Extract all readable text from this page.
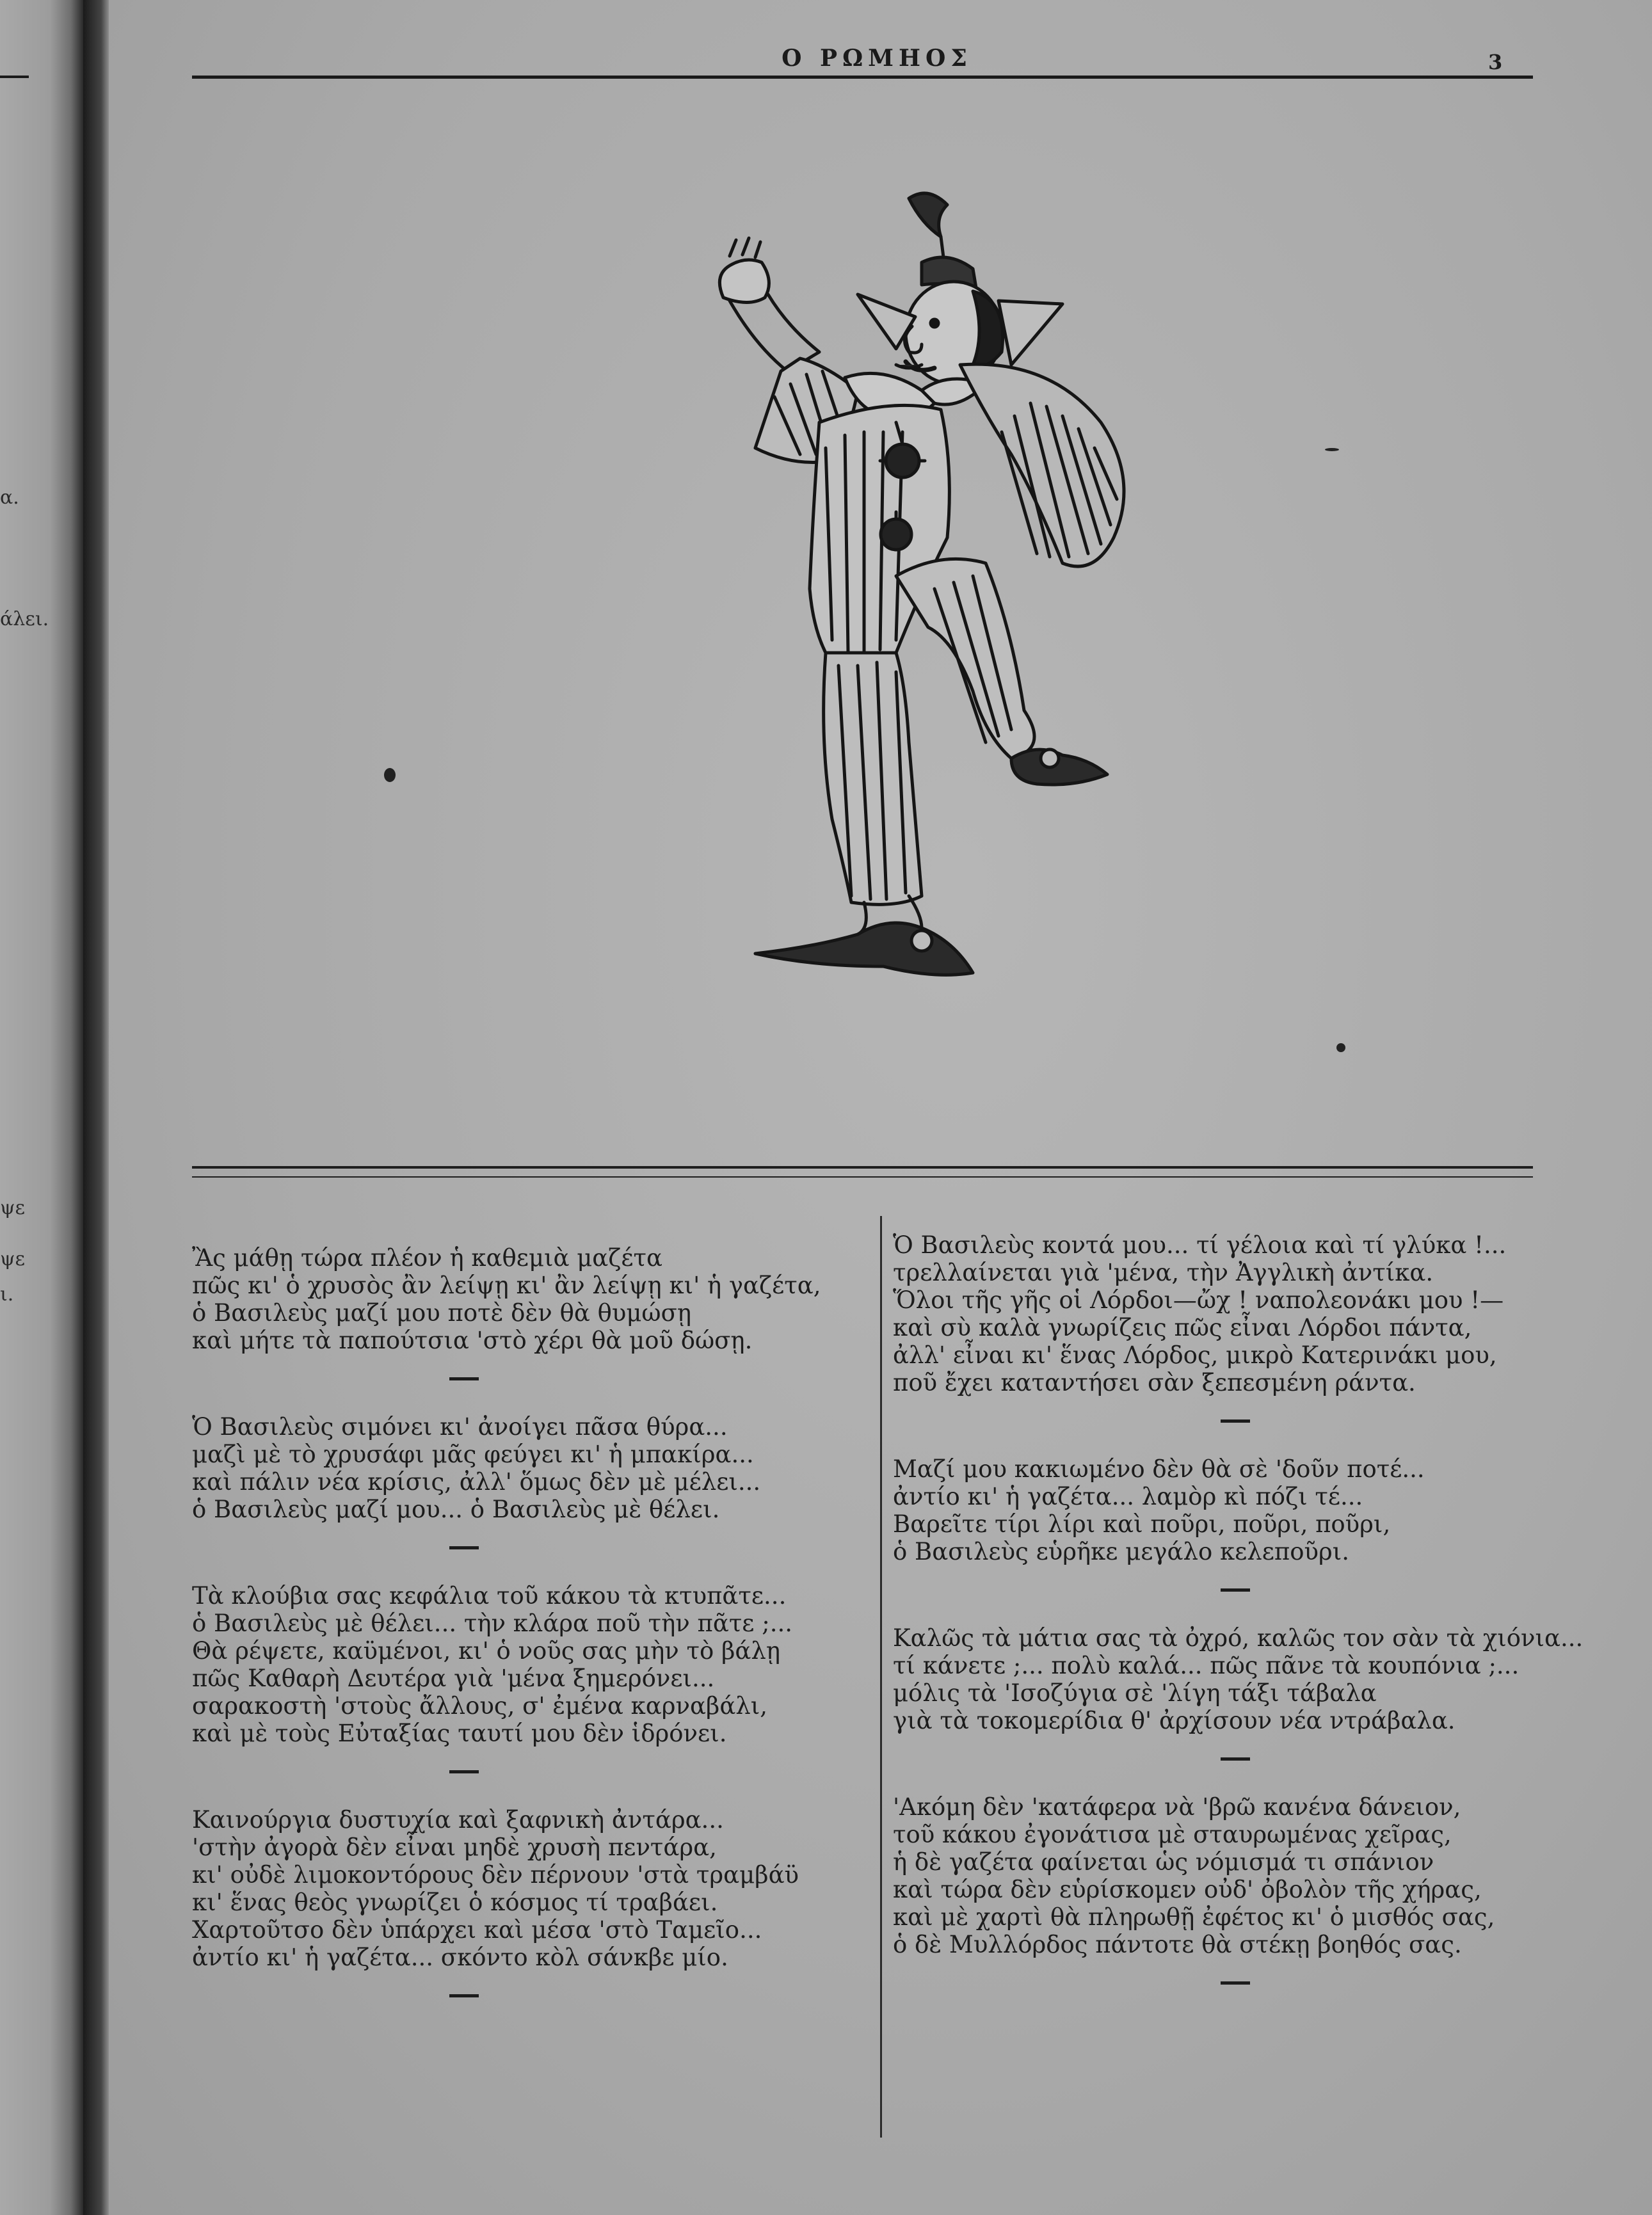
α.
άλει.
ψε
ψε
ι.
Ο ΡΩΜΗΟΣ	3
Ἂς μάθῃ τώρα πλέον ἡ καθεμιὰ μαζέτα
πῶς κι' ὁ χρυσὸς ἂν λείψῃ κι' ἂν λείψῃ κι' ἡ γαζέτα,
ὁ Βασιλεὺς μαζί μου ποτὲ δὲν θὰ θυμώσῃ
καὶ μήτε τὰ παπούτσια 'στὸ χέρι θὰ μοῦ δώσῃ.
Ὁ Βασιλεὺς σιμόνει κι' ἀνοίγει πᾶσα θύρα...
μαζὶ μὲ τὸ χρυσάφι μᾶς φεύγει κι' ἡ μπακίρα...
καὶ πάλιν νέα κρίσις, ἀλλ' ὅμως δὲν μὲ μέλει...
ὁ Βασιλεὺς μαζί μου... ὁ Βασιλεὺς μὲ θέλει.
Τὰ κλούβια σας κεφάλια τοῦ κάκου τὰ κτυπᾶτε...
ὁ Βασιλεὺς μὲ θέλει... τὴν κλάρα ποῦ τὴν πᾶτε ;...
Θὰ ρέψετε, καϋμένοι, κι' ὁ νοῦς σας μὴν τὸ βάλῃ
πῶς Καθαρὴ Δευτέρα γιὰ 'μένα ξημερόνει...
σαρακοστὴ 'στοὺς ἄλλους, σ' ἐμένα καρναβάλι,
καὶ μὲ τοὺς Εὐταξίας ταυτί μου δὲν ἱδρόνει.
Καινούργια δυστυχία καὶ ξαφνικὴ ἀντάρα...
'στὴν ἀγορὰ δὲν εἶναι μηδὲ χρυσὴ πεντάρα,
κι' οὐδὲ λιμοκοντόρους δὲν πέρνουν 'στὰ τραμβάϋ
κι' ἕνας θεὸς γνωρίζει ὁ κόσμος τί τραβάει.
Χαρτοῦτσο δὲν ὑπάρχει καὶ μέσα 'στὸ Ταμεῖο...
ἀντίο κι' ἡ γαζέτα... σκόντο κὸλ σάνκβε μίο.
Ὁ Βασιλεὺς κοντά μου... τί γέλοια καὶ τί γλύκα !...
τρελλαίνεται γιὰ 'μένα, τὴν Ἀγγλικὴ ἀντίκα.
Ὅλοι τῆς γῆς οἱ Λόρδοι—ὤχ ! ναπολεονάκι μου !—
καὶ σὺ καλὰ γνωρίζεις πῶς εἶναι Λόρδοι πάντα,
ἀλλ' εἶναι κι' ἕνας Λόρδος, μικρὸ Κατερινάκι μου,
ποῦ ἔχει καταντήσει σὰν ξεπεσμένη ράντα.
Μαζί μου κακιωμένο δὲν θὰ σὲ 'δοῦν ποτέ...
ἀντίο κι' ἡ γαζέτα... λαμὸρ κὶ πόζι τέ...
Βαρεῖτε τίρι λίρι καὶ ποῦρι, ποῦρι, ποῦρι,
ὁ Βασιλεὺς εὑρῆκε μεγάλο κελεποῦρι.
Καλῶς τὰ μάτια σας τὰ ὀχρό, καλῶς τον σὰν τὰ χιόνια...
τί κάνετε ;... πολὺ καλά... πῶς πᾶνε τὰ κουπόνια ;...
μόλις τὰ 'Ισοζύγια σὲ 'λίγη τάξι τάβαλα
γιὰ τὰ τοκομερίδια θ' ἀρχίσουν νέα ντράβαλα.
'Ακόμη δὲν 'κατάφερα νὰ 'βρῶ κανένα δάνειον,
τοῦ κάκου ἐγονάτισα μὲ σταυρωμένας χεῖρας,
ἡ δὲ γαζέτα φαίνεται ὡς νόμισμά τι σπάνιον
καὶ τώρα δὲν εὑρίσκομεν οὐδ' ὀβολὸν τῆς χήρας,
καὶ μὲ χαρτὶ θὰ πληρωθῇ ἐφέτος κι' ὁ μισθός σας,
ὁ δὲ Μυλλόρδος πάντοτε θὰ στέκῃ βοηθός σας.
